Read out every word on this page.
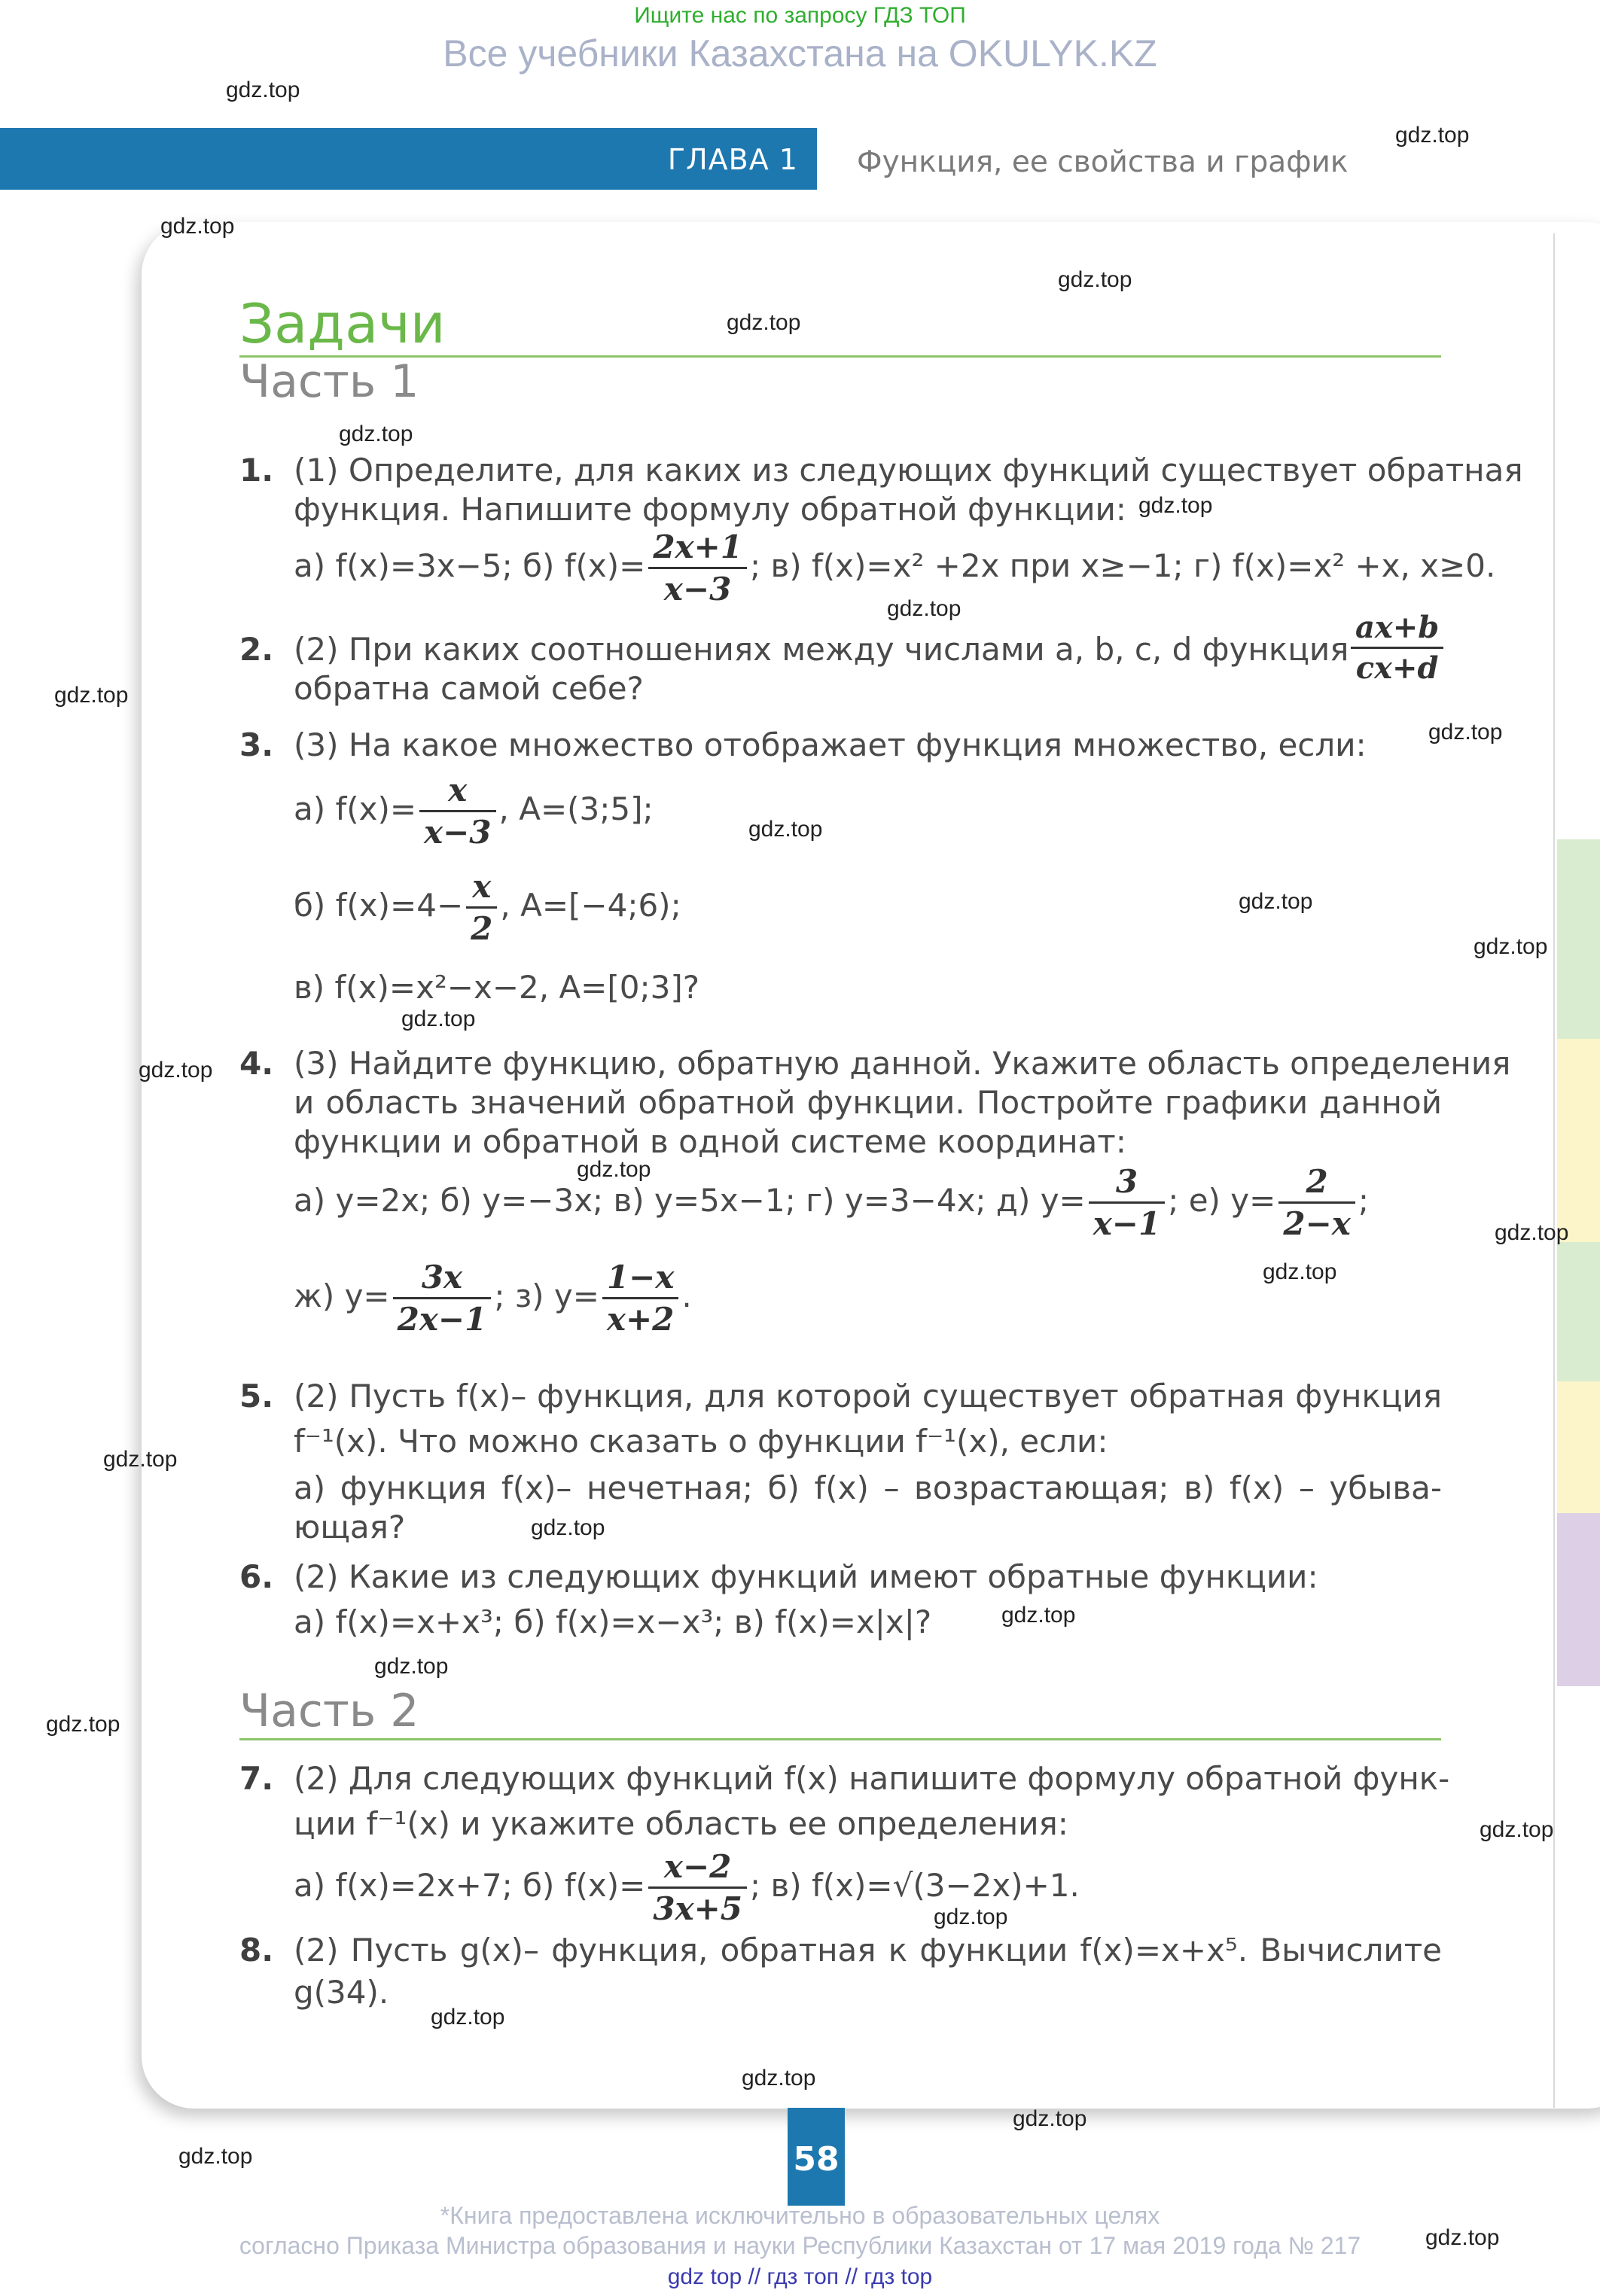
Ищите нас по запросу ГДЗ ТОП
Все учебники Казахстана на OKULYK.KZ
ГЛАВА 1 Функция, ее свойства и график
Задачи
Часть 1
1. (1) Определите, для каких из следующих функций существует обратная
функция. Напишите формулу обратной функции:
а) f(x)=3x−5; б) $f(x)= \frac{2x+1}{x-3}$ ; в) f(x)=x² +2x при x≥−1; г) f(x)=x² +x, x≥0.
2. (2) При каких соотношениях между числами a, b, c, d функция $\frac{ax+b}{cx+d}$
обратна самой себе?
3. (3) На какое множество отображает функция множество, если:
а) $f(x)= \frac{x}{x-3}$ , A=(3;5];
б) $f(x)=4- \frac{x}{2}$ , A=[−4;6);
в) f(x)=x²−x−2, A=[0;3]?
4. (3) Найдите функцию, обратную данной. Укажите область определения
и область значений обратной функции. Постройте графики данной
функции и обратной в одной системе координат:
а) y=2x; б) y=−3x; в) y=5x−1; г) y=3−4x; д) $y= \frac{3}{x-1}$ ; е) $y= \frac{2}{2-x}$ ;
ж) $y= \frac{3x}{2x-1}$ ; з) $y= \frac{1-x}{x+2}$ .
5. (2) Пусть f(x)– функция, для которой существует обратная функция
f⁻¹(x). Что можно сказать о функции f⁻¹(x), если:
а) функция f(x)– нечетная; б) f(x) – возрастающая; в) f(x) – убыва-
ющая?
6. (2) Какие из следующих функций имеют обратные функции:
а) f(x)=x+x³; б) f(x)=x−x³; в) f(x)=x|x|?
Часть 2
7. (2) Для следующих функций f(x) напишите формулу обратной функ-
ции f⁻¹(x) и укажите область ее определения:
а) f(x)=2x+7; б) $f(x)= \frac{x-2}{3x+5}$ ; в) f(x)=√(3−2x)+1.
8. (2) Пусть g(x)– функция, обратная к функции f(x)=x+x⁵. Вычислите
g(34).
58
*Книга предоставлена исключительно в образовательных целях
согласно Приказа Министра образования и науки Республики Казахстан от 17 мая 2019 года № 217
gdz top // гдз топ // гдз top
gdz.top
gdz.top
gdz.top
gdz.top
gdz.top
gdz.top
gdz.top
gdz.top
gdz.top
gdz.top
gdz.top
gdz.top
gdz.top
gdz.top
gdz.top
gdz.top
gdz.top
gdz.top
gdz.top
gdz.top
gdz.top
gdz.top
gdz.top
gdz.top
gdz.top
gdz.top
gdz.top
gdz.top
gdz.top
gdz.top
